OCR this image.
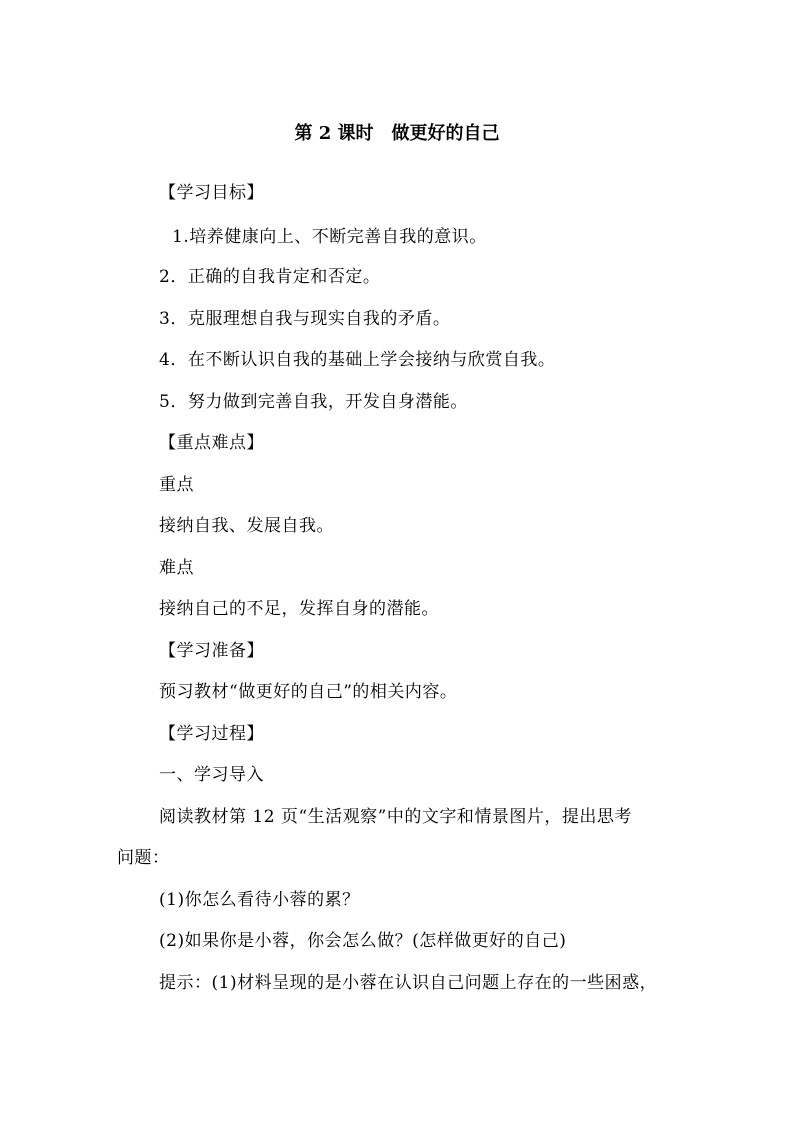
第 2 课时　做更好的自己
【学习目标】
1.培养健康向上、不断完善自我的意识。
2．正确的自我肯定和否定。
3．克服理想自我与现实自我的矛盾。
4．在不断认识自我的基础上学会接纳与欣赏自我。
5．努力做到完善自我，开发自身潜能。
【重点难点】
重点
接纳自我、发展自我。
难点
接纳自己的不足，发挥自身的潜能。
【学习准备】
预习教材“做更好的自己”的相关内容。
【学习过程】
一、学习导入
阅读教材第 12 页“生活观察”中的文字和情景图片，提出思考
问题：
(1)你怎么看待小蓉的累？
(2)如果你是小蓉，你会怎么做？(怎样做更好的自己)
提示：(1)材料呈现的是小蓉在认识自己问题上存在的一些困惑，
